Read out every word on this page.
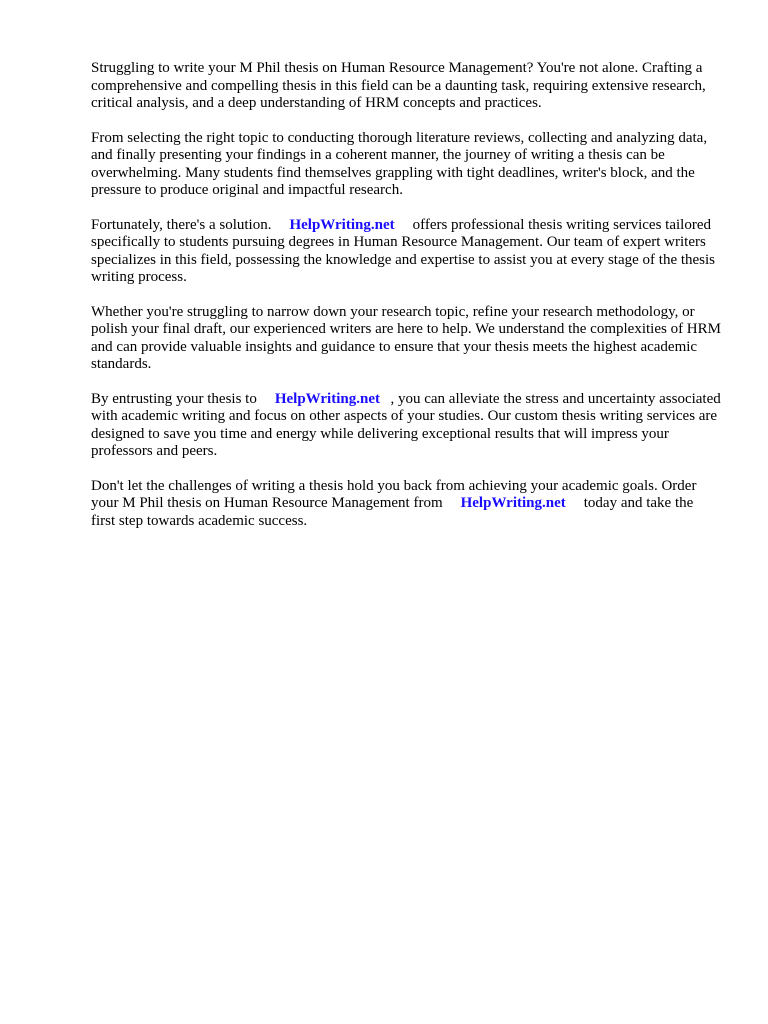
Struggling to write your M Phil thesis on Human Resource Management? You're not alone. Crafting a comprehensive and compelling thesis in this field can be a daunting task, requiring extensive research, critical analysis, and a deep understanding of HRM concepts and practices.

From selecting the right topic to conducting thorough literature reviews, collecting and analyzing data, and finally presenting your findings in a coherent manner, the journey of writing a thesis can be overwhelming. Many students find themselves grappling with tight deadlines, writer's block, and the pressure to produce original and impactful research.

Fortunately, there's a solution. HelpWriting.net offers professional thesis writing services tailored specifically to students pursuing degrees in Human Resource Management. Our team of expert writers specializes in this field, possessing the knowledge and expertise to assist you at every stage of the thesis writing process.

Whether you're struggling to narrow down your research topic, refine your research methodology, or polish your final draft, our experienced writers are here to help. We understand the complexities of HRM and can provide valuable insights and guidance to ensure that your thesis meets the highest academic standards.

By entrusting your thesis to HelpWriting.net , you can alleviate the stress and uncertainty associated with academic writing and focus on other aspects of your studies. Our custom thesis writing services are designed to save you time and energy while delivering exceptional results that will impress your professors and peers.

Don't let the challenges of writing a thesis hold you back from achieving your academic goals. Order your M Phil thesis on Human Resource Management from HelpWriting.net today and take the first step towards academic success.
